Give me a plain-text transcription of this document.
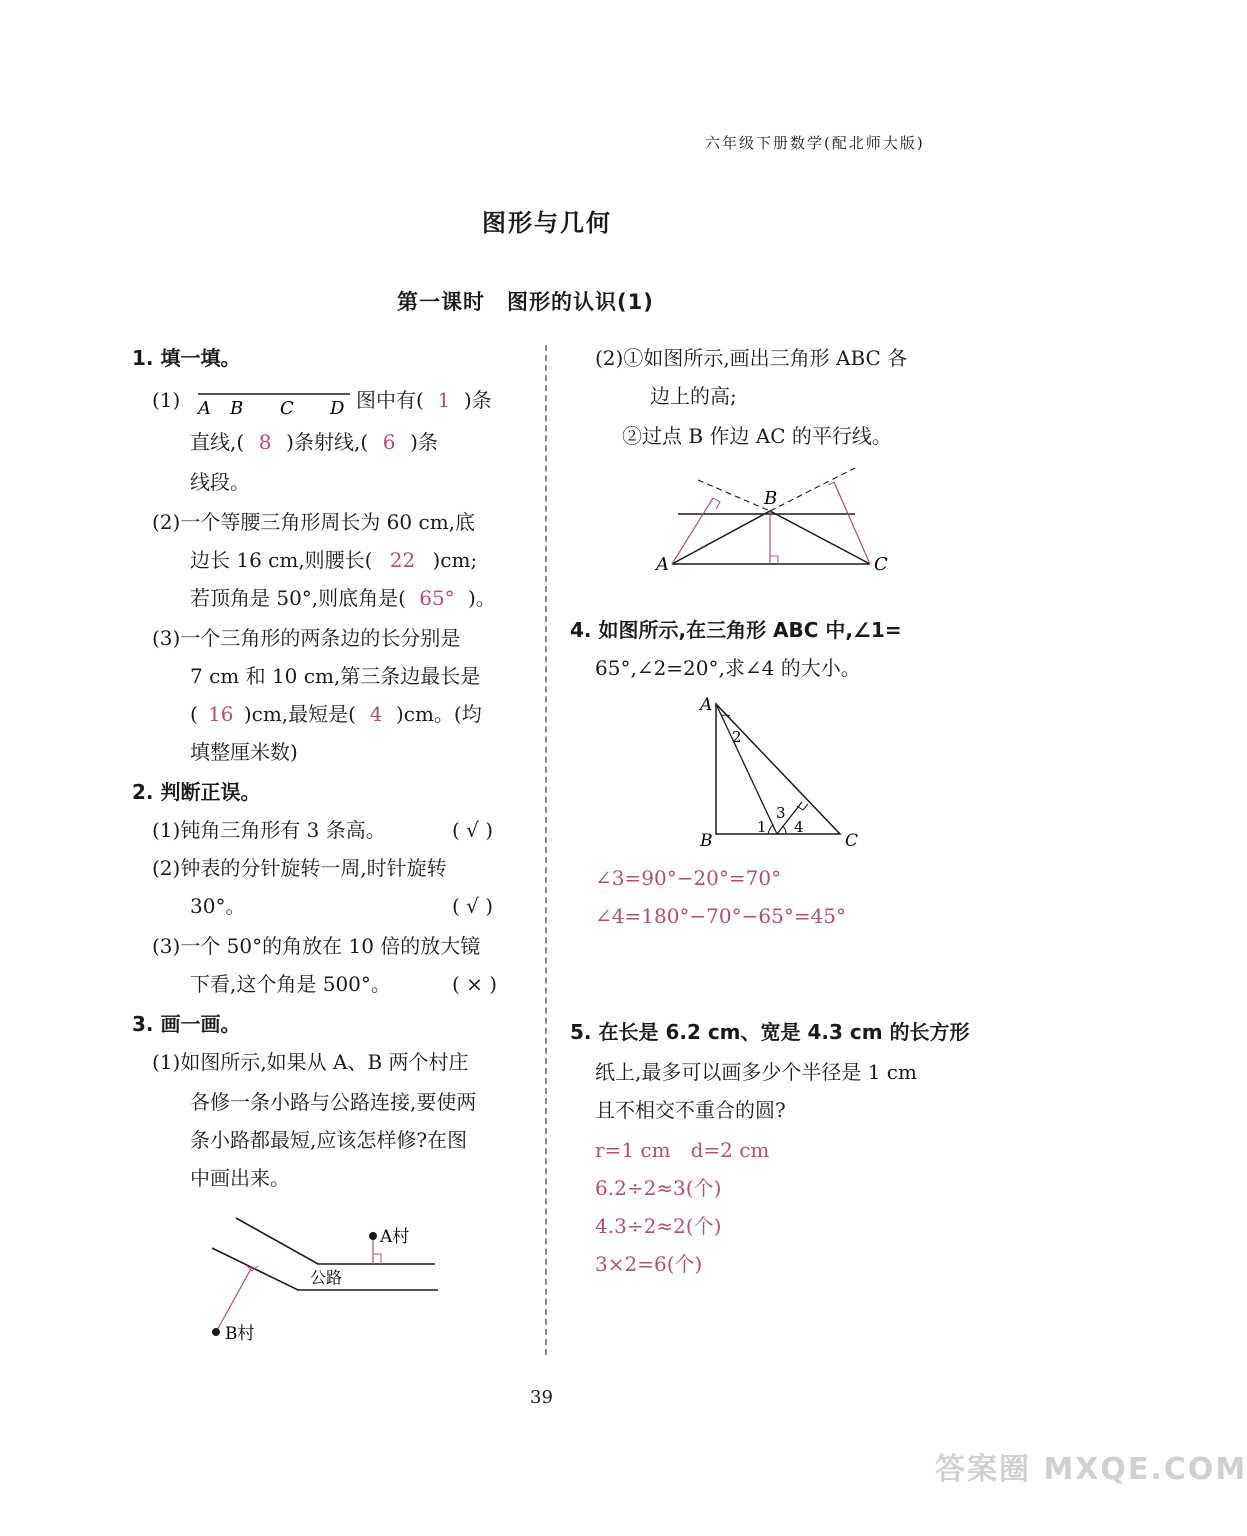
六年级下册数学(配北师大版)
图形与几何
第一课时　图形的认识(1)
1. 填一填。
(1) A B C D 图中有( 1 )条
直线,( 8 )条射线,( 6 )条
线段。
(2)一个等腰三角形周长为 60 cm,底
边长 16 cm,则腰长( 22 )cm;
若顶角是 50°,则底角是( 65° )。
(3)一个三角形的两条边的长分别是
7 cm 和 10 cm,第三条边最长是
( 16 )cm,最短是( 4 )cm。(均
填整厘米数)
2. 判断正误。
(1)钝角三角形有 3 条高。	( √ )
(2)钟表的分针旋转一周,时针旋转
30°。	( √ )
(3)一个 50°的角放在 10 倍的放大镜
下看,这个角是 500°。	( × )
3. 画一画。
(1)如图所示,如果从 A、B 两个村庄
各修一条小路与公路连接,要使两
条小路都最短,应该怎样修?在图
中画出来。
A村
B村
公路
(2)①如图所示,画出三角形 ABC 各
边上的高;
②过点 B 作边 AC 的平行线。
A
B
C
4. 如图所示,在三角形 ABC 中,∠1=
65°,∠2=20°,求∠4 的大小。
A
B	C
2
1
3
4
∠3=90°−20°=70°
∠4=180°−70°−65°=45°
5. 在长是 6.2 cm、宽是 4.3 cm 的长方形
纸上,最多可以画多少个半径是 1 cm
且不相交不重合的圆?
r=1 cm　d=2 cm
6.2÷2≈3(个)
4.3÷2≈2(个)
3×2=6(个)
39
答案圈 MXQE.COM
